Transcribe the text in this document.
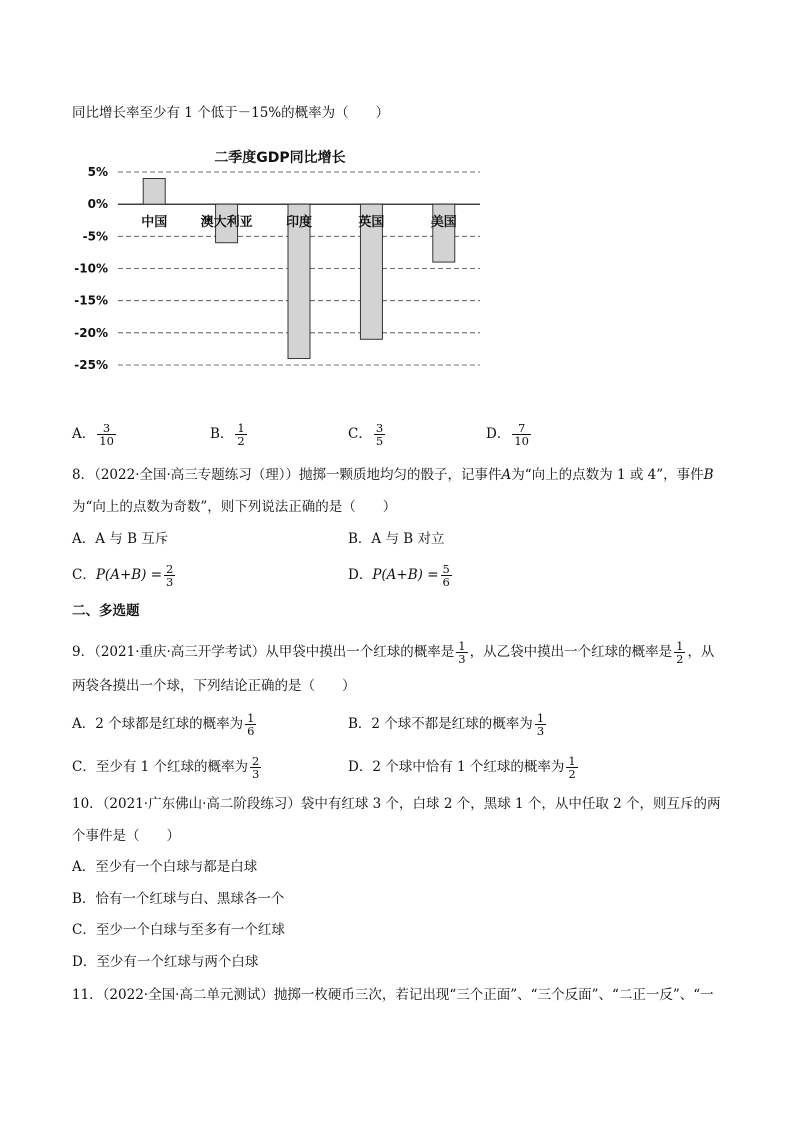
同比增长率至少有 1 个低于－15%的概率为（　　）
二季度GDP同比增长
5%
0%
-5%
-10%
-15%
-20%
-25%
中国	澳大利亚	印度	英国	美国
A． $\frac{3}{10}$	B． $\frac{1}{2}$	C． $\frac{3}{5}$	D． $\frac{7}{10}$
8．（2022·全国·高三专题练习（理））抛掷一颗质地均匀的骰子，记事件A为“向上的点数为 1 或 4”，事件B
为“向上的点数为奇数”，则下列说法正确的是（　　）
A．A 与 B 互斥	B．A 与 B 对立
C．$P(A+B) = \frac{2}{3}$	D．$P(A+B) = \frac{5}{6}$
二、多选题
9．（2021·重庆·高三开学考试）从甲袋中摸出一个红球的概率是 $\frac{1}{3}$ ，从乙袋中摸出一个红球的概率是 $\frac{1}{2}$ ，从
两袋各摸出一个球，下列结论正确的是（　　）
A．2 个球都是红球的概率为 $\frac{1}{6}$	B．2 个球不都是红球的概率为 $\frac{1}{3}$
C．至少有 1 个红球的概率为 $\frac{2}{3}$	D．2 个球中恰有 1 个红球的概率为 $\frac{1}{2}$
10．（2021·广东佛山·高二阶段练习）袋中有红球 3 个，白球 2 个，黑球 1 个，从中任取 2 个，则互斥的两
个事件是（　　）
A．至少有一个白球与都是白球
B．恰有一个红球与白、黑球各一个
C．至少一个白球与至多有一个红球
D．至少有一个红球与两个白球
11．（2022·全国·高二单元测试）抛掷一枚硬币三次，若记出现“三个正面”、“三个反面”、“二正一反”、“一
